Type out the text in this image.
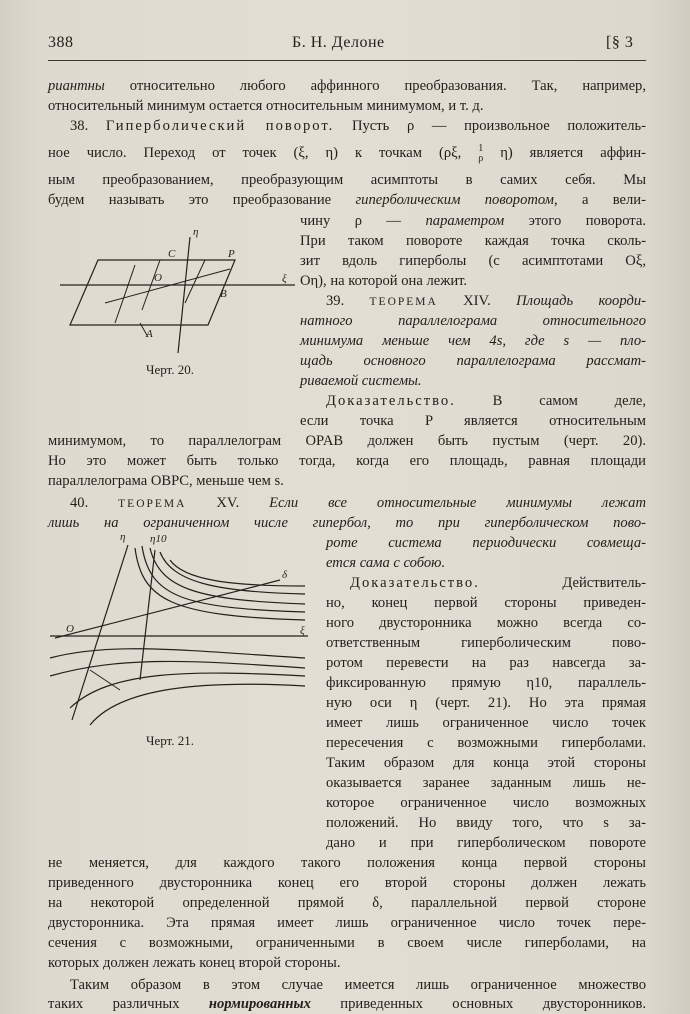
388	Б. Н. Делоне	[§ 3
риантны относительно любого аффинного преобразования. Так, например,
относительный минимум остается относительным минимумом, и т. д.
38. Гиперболический поворот. Пусть ρ — произвольное положитель-
ное число. Переход от точек (ξ, η) к точкам (ρξ, 1
ρ η) является аффин-
ным преобразованием, преобразующим асимптоты в самих себя. Мы
будем называть это преобразование гиперболическим поворотом, а вели-
чину ρ — параметром этого поворота.
η
ξ
C	P
O
B
A
Черт. 20.
При таком повороте каждая точка сколь-
зит вдоль гиперболы (с асимптотами Oξ,
Oη), на которой она лежит.
39. ТЕОРЕМА XIV. Площадь коорди-
натного параллелограма относительного
минимума меньше чем 4s, где s — пло-
щадь основного параллелограма рассмат-
риваемой системы.
Доказательство. В самом деле,
если точка P является относительным
минимумом, то параллелограм OPAB должен быть пустым (черт. 20).
Но это может быть только тогда, когда его площадь, равная площади
параллелограма OBPC, меньше чем s.
40. ТЕОРЕМА XV. Если все относительные минимумы лежат
лишь на ограниченном числе гипербол, то при гиперболическом пово-
η η10
δ
ξ
O
Черт. 21.
роте система периодически совмеща-
ется сама с собою.
Доказательство. Действитель-
но, конец первой стороны приведен-
ного двусторонника можно всегда со-
ответственным гиперболическим пово-
ротом перевести на раз навсегда за-
фиксированную прямую η10, параллель-
ную оси η (черт. 21). Но эта прямая
имеет лишь ограниченное число точек
пересечения с возможными гиперболами.
Таким образом для конца этой стороны
оказывается заранее заданным лишь не-
которое ограниченное число возможных
положений. Но ввиду того, что s за-
дано и при гиперболическом повороте
не меняется, для каждого такого положения конца первой стороны
приведенного двусторонника конец его второй стороны должен лежать
на некоторой определенной прямой δ, параллельной первой стороне
двусторонника. Эта прямая имеет лишь ограниченное число точек пере-
сечения с возможными, ограниченными в своем числе гиперболами, на
которых должен лежать конец второй стороны.
Таким образом в этом случае имеется лишь ограниченное множество
таких различных нормированных приведенных основных двусторонников.
